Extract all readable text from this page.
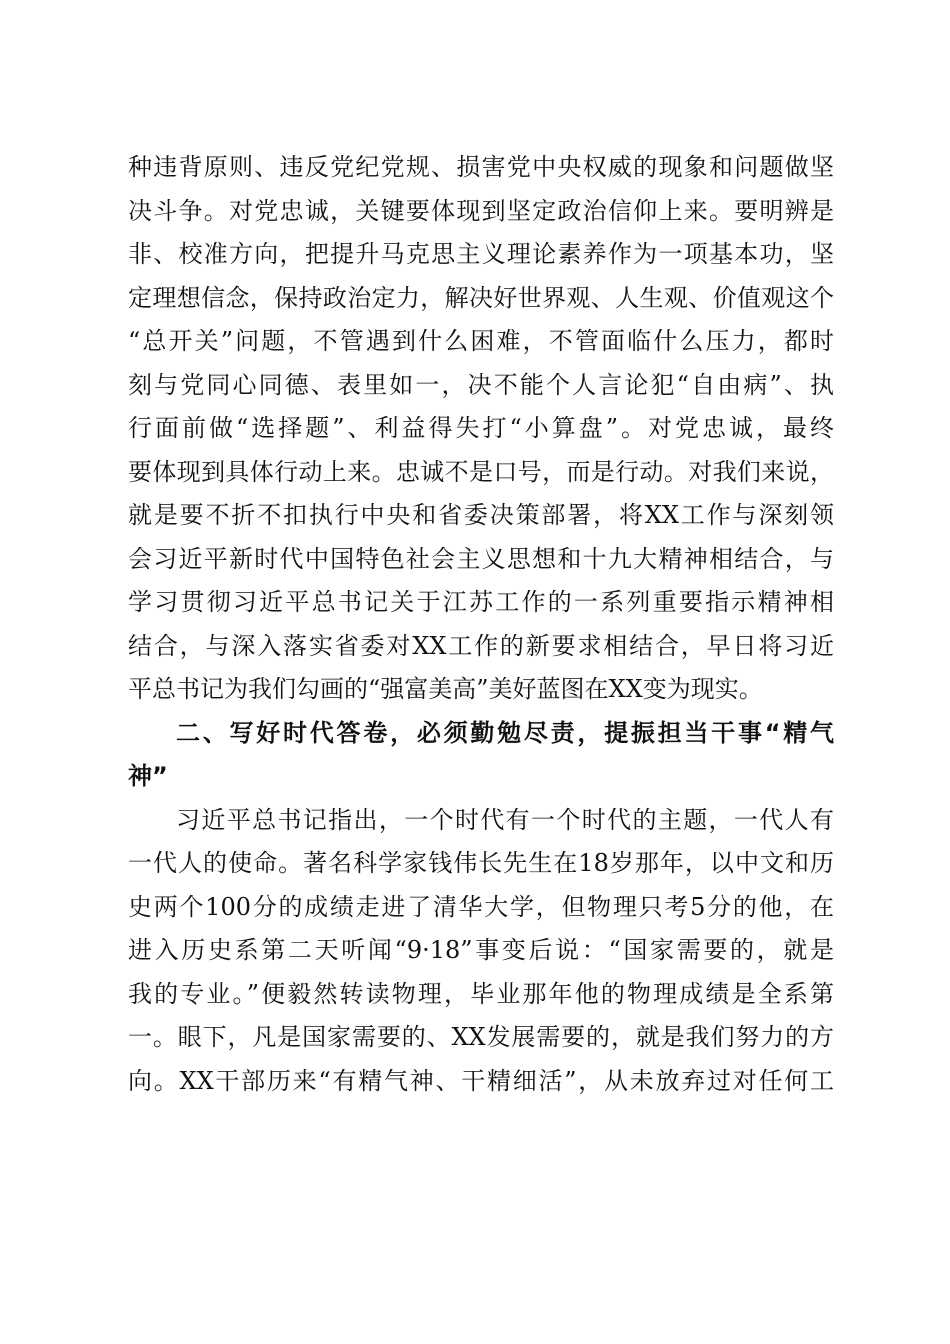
种违背原则、违反党纪党规、损害党中央权威的现象和问题做坚
决斗争。对党忠诚，关键要体现到坚定政治信仰上来。要明辨是
非、校准方向，把提升马克思主义理论素养作为一项基本功，坚
定理想信念，保持政治定力，解决好世界观、人生观、价值观这个
“总开关”问题，不管遇到什么困难，不管面临什么压力，都时
刻与党同心同德、表里如一，决不能个人言论犯“自由病”、执
行面前做“选择题”、利益得失打“小算盘”。对党忠诚，最终
要体现到具体行动上来。忠诚不是口号，而是行动。对我们来说，
就是要不折不扣执行中央和省委决策部署，将XX工作与深刻领
会习近平新时代中国特色社会主义思想和十九大精神相结合，与
学习贯彻习近平总书记关于江苏工作的一系列重要指示精神相
结合，与深入落实省委对XX工作的新要求相结合，早日将习近
平总书记为我们勾画的“强富美高”美好蓝图在XX变为现实。
二、写好时代答卷，必须勤勉尽责，提振担当干事“精气
神”
习近平总书记指出，一个时代有一个时代的主题，一代人有
一代人的使命。著名科学家钱伟长先生在18岁那年，以中文和历
史两个100分的成绩走进了清华大学，但物理只考5分的他，在
进入历史系第二天听闻“9·18”事变后说：“国家需要的，就是
我的专业。”便毅然转读物理，毕业那年他的物理成绩是全系第
一。眼下，凡是国家需要的、XX发展需要的，就是我们努力的方
向。XX干部历来“有精气神、干精细活”，从未放弃过对任何工
